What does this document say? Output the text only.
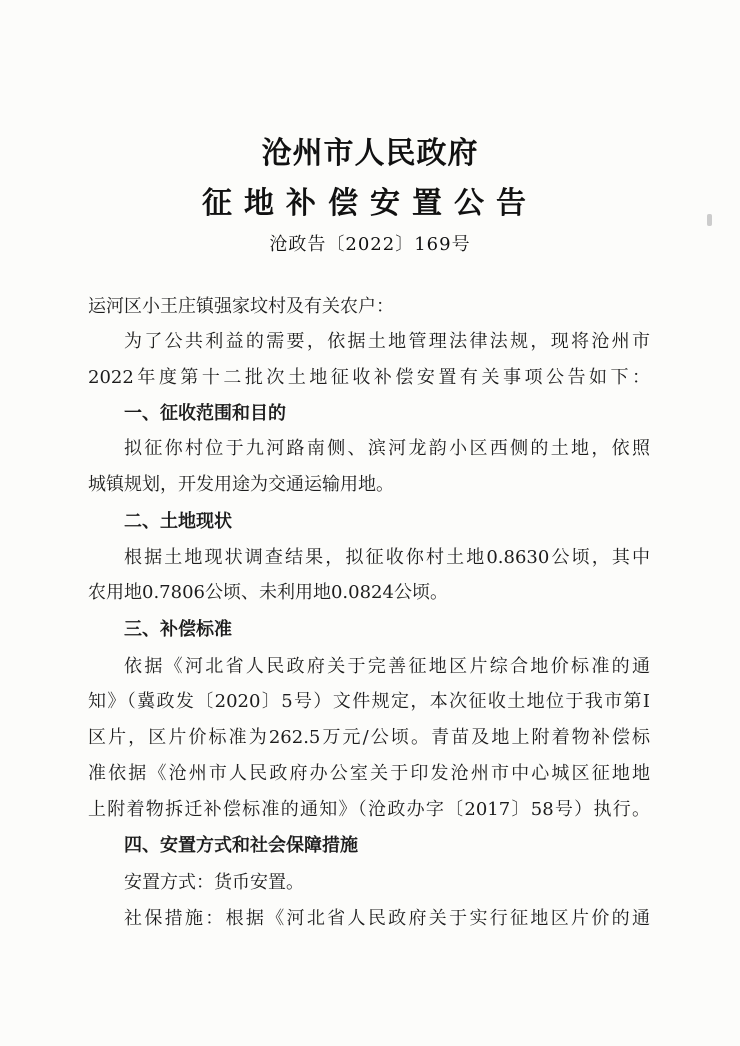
沧州市人民政府
征地补偿安置公告
沧政告〔2022〕169号
运河区小王庄镇强家坟村及有关农户：
为了公共利益的需要，依据土地管理法律法规，现将沧州市
2022年度第十二批次土地征收补偿安置有关事项公告如下：
一、征收范围和目的
拟征你村位于九河路南侧、滨河龙韵小区西侧的土地，依照
城镇规划，开发用途为交通运输用地。
二、土地现状
根据土地现状调查结果，拟征收你村土地0.8630公顷，其中
农用地0.7806公顷、未利用地0.0824公顷。
三、补偿标准
依据《河北省人民政府关于完善征地区片综合地价标准的通
知》（冀政发〔2020〕5号）文件规定，本次征收土地位于我市第Ⅰ
区片，区片价标准为262.5万元/公顷。青苗及地上附着物补偿标
准依据《沧州市人民政府办公室关于印发沧州市中心城区征地地
上附着物拆迁补偿标准的通知》（沧政办字〔2017〕58号）执行。
四、安置方式和社会保障措施
安置方式：货币安置。
社保措施：根据《河北省人民政府关于实行征地区片价的通
